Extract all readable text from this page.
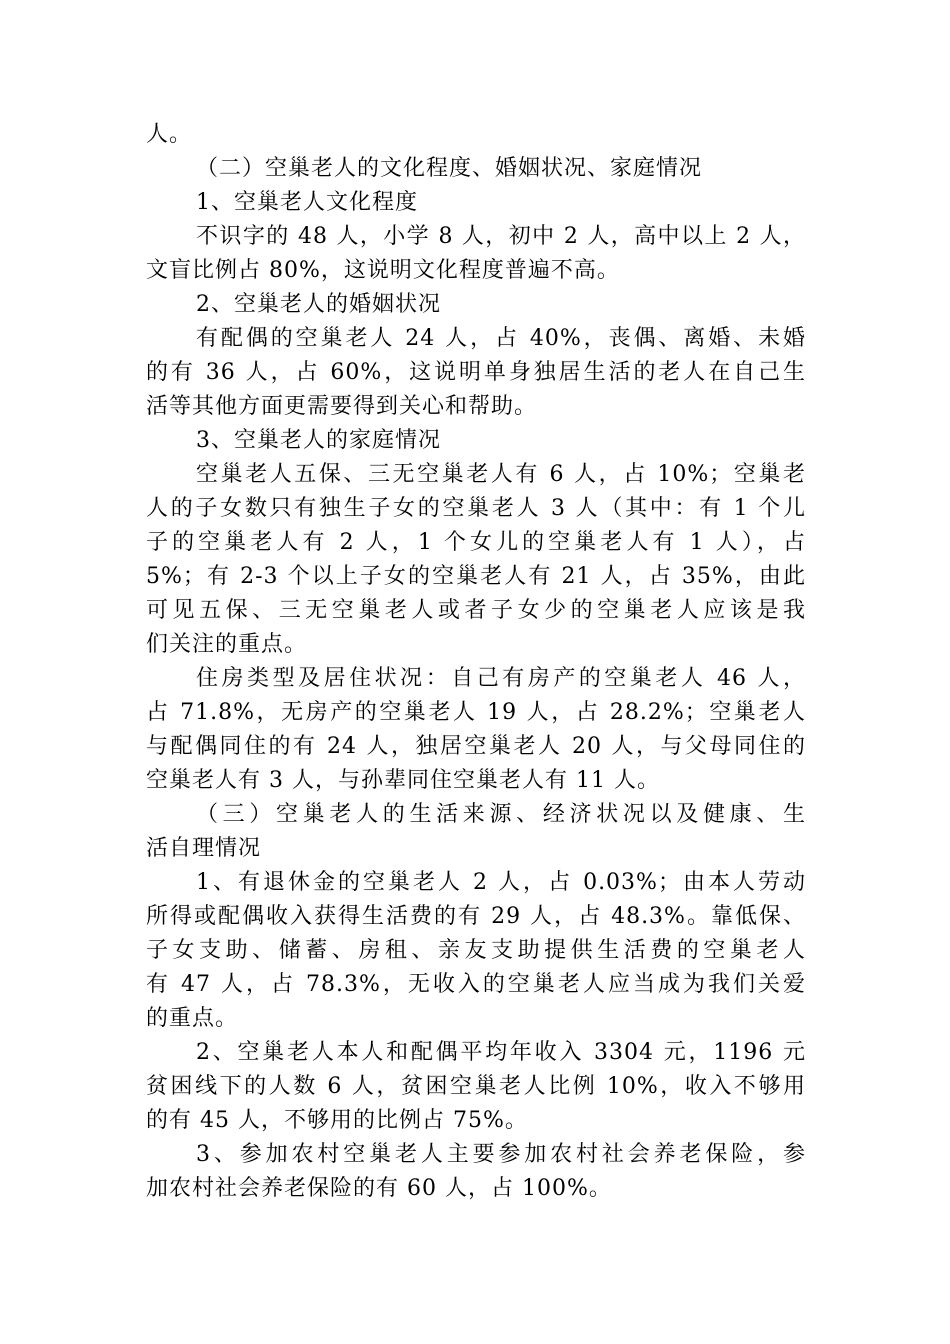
人。
（二）空巢老人的文化程度、婚姻状况、家庭情况
1、空巢老人文化程度
不识字的 48 人，小学 8 人，初中 2 人，高中以上 2 人，
文盲比例占 80%，这说明文化程度普遍不高。
2、空巢老人的婚姻状况
有配偶的空巢老人 24 人，占 40%，丧偶、离婚、未婚
的有 36 人，占 60%，这说明单身独居生活的老人在自己生
活等其他方面更需要得到关心和帮助。
3、空巢老人的家庭情况
空巢老人五保、三无空巢老人有 6 人，占 10%；空巢老
人的子女数只有独生子女的空巢老人 3 人（其中：有 1 个儿
子的空巢老人有 2 人，1 个女儿的空巢老人有 1 人），占
5%；有 2-3 个以上子女的空巢老人有 21 人，占 35%，由此
可见五保、三无空巢老人或者子女少的空巢老人应该是我
们关注的重点。
住房类型及居住状况：自己有房产的空巢老人 46 人，
占 71.8%，无房产的空巢老人 19 人，占 28.2%；空巢老人
与配偶同住的有 24 人，独居空巢老人 20 人，与父母同住的
空巢老人有 3 人，与孙辈同住空巢老人有 11 人。
（三）空巢老人的生活来源、经济状况以及健康、生
活自理情况
1、有退休金的空巢老人 2 人，占 0.03%；由本人劳动
所得或配偶收入获得生活费的有 29 人，占 48.3%。靠低保、
子女支助、储蓄、房租、亲友支助提供生活费的空巢老人
有 47 人，占 78.3%，无收入的空巢老人应当成为我们关爱
的重点。
2、空巢老人本人和配偶平均年收入 3304 元，1196 元
贫困线下的人数 6 人，贫困空巢老人比例 10%，收入不够用
的有 45 人，不够用的比例占 75%。
3、参加农村空巢老人主要参加农村社会养老保险，参
加农村社会养老保险的有 60 人，占 100%。
